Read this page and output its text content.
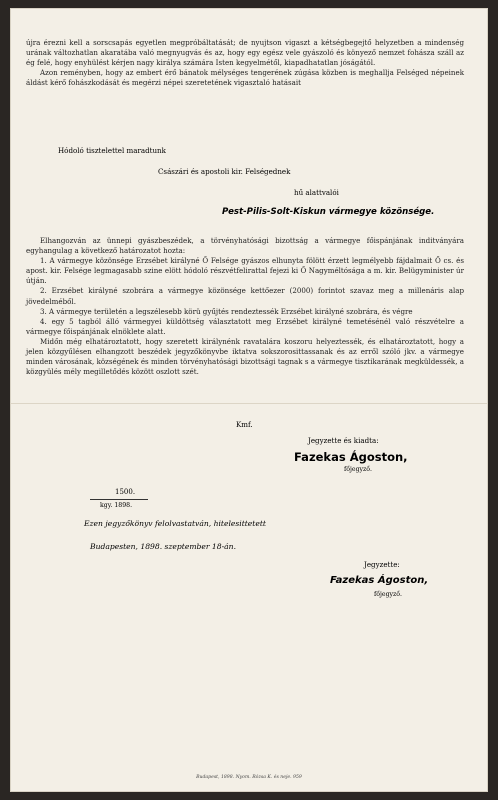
újra érezni kell a sorscsapás egyetlen megpróbáltatását; de nyujtson vigaszt a kétségbegejtő helyzetben a mindenség urának változhatlan akaratába való megnyugvás és az, hogy egy egész vele gyászoló és könyező nemzet fohásza száll az ég felé, hogy enyhülést kérjen nagy királya számára Isten kegyelmétől, kiapadhatatlan jóságától.

Azon reményben, hogy az embert érő bánatok mélységes tengerének zúgása közben is meghallja Felséged népeinek áldást kérő fohászkodását és megérzi népei szeretetének vigasztaló hatásait

Hódoló tisztelettel maradtunk
Császári és apostoli kir. Felségednek
hű alattvalói
Pest-Pilis-Solt-Kiskun vármegye közönsége.

Elhangozván az ünnepi gyászbeszédek, a törvényhatósági bizottság a vármegye főispánjának inditványára egyhangulag a következő határozatot hozta:

1. A vármegye közönsége Erzsébet királyné Ő Felsége gyászos elhunyta fölött érzett legmélyebb fájdalmait Ő cs. és apost. kir. Felsége legmagasabb szine elött hódoló részvétfelirattal fejezi ki Ő Nagyméltósága a m. kir. Belügyminister úr útján.

2. Erzsébet királyné szobrára a vármegye közönsége kettőezer (2000) forintot szavaz meg a millenáris alap jövedelméből.

3. A vármegye területén a legszélesebb körü gyűjtés rendeztessék Erzsébet királyné szobrára, és végre

4. egy 5 tagból álló vármegyei küldöttség választatott meg Erzsébet királyné temetésénél való részvételre a vármegye főispánjának elnöklete alatt.

Midőn még elhatároztatott, hogy szeretett királynénk ravatalára koszoru helyeztessék, és elhatároztatott, hogy a jelen közgyűlésen elhangzott beszédek jegyzőkönyvbe iktatva sokszorosittassanak és az erről szóló jkv. a vármegye minden városának, községének és minden törvényhatósági bizottsági tagnak s a vármegye tisztikarának megküldessék, a közgyülés mély megilletődés között oszlott szét.

Kmf.
Jegyzette és kiadta:
Fazekas Ágoston,
főjegyző.
1500.
kgy. 1898.
Ezen jegyzőkönyv felolvastatván, hitelesittetett
Budapesten, 1898. szeptember 18-án.
Jegyzette:
Fazekas Ágoston,
főjegyző.
Budapest, 1898. Nyom. Rózsa K. és neje. 959
